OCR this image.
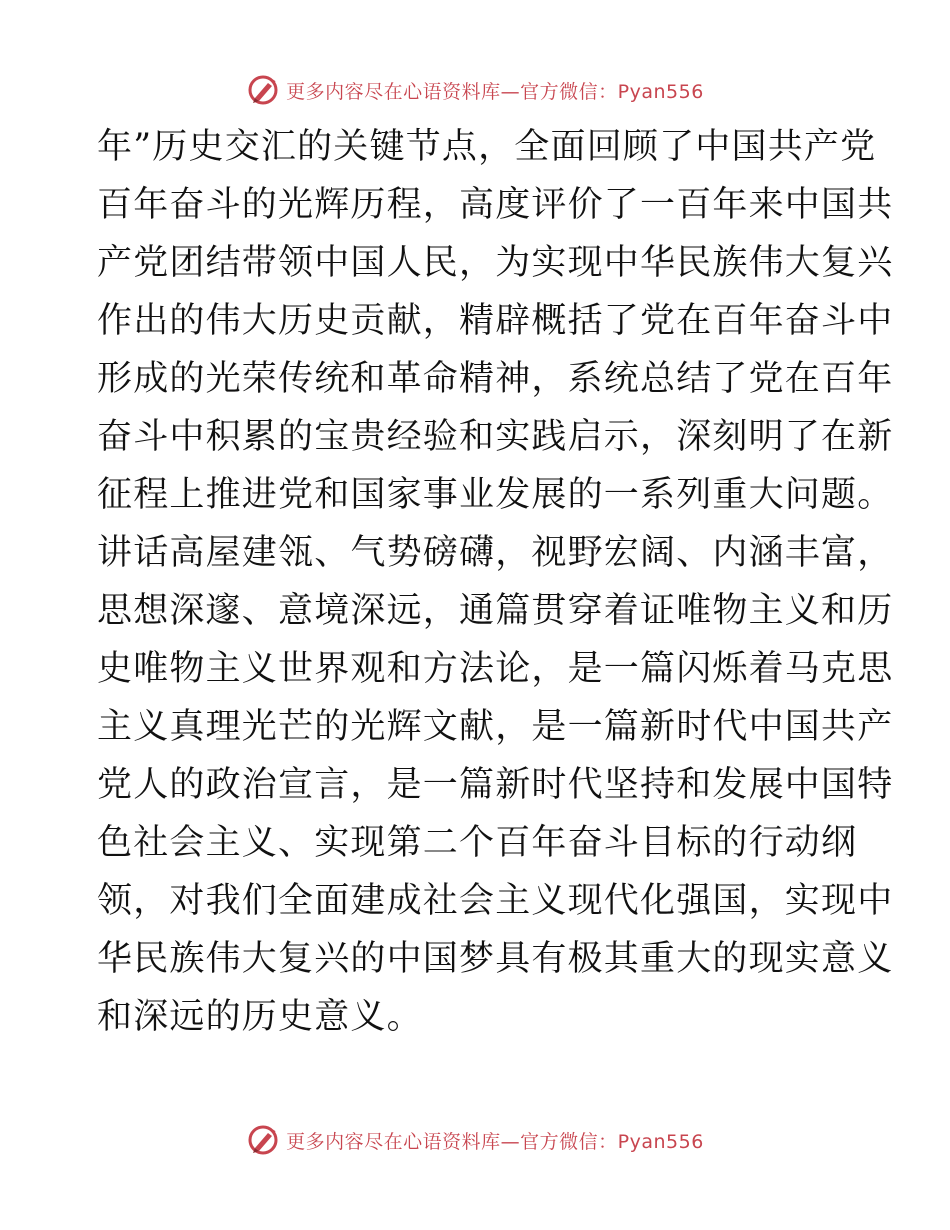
更多内容尽在心语资料库—官方微信：Pyan556
年”历史交汇的关键节点，全面回顾了中国共产党
百年奋斗的光辉历程，高度评价了一百年来中国共
产党团结带领中国人民，为实现中华民族伟大复兴
作出的伟大历史贡献，精辟概括了党在百年奋斗中
形成的光荣传统和革命精神，系统总结了党在百年
奋斗中积累的宝贵经验和实践启示，深刻明了在新
征程上推进党和国家事业发展的一系列重大问题。
讲话高屋建瓴、气势磅礴，视野宏阔、内涵丰富，
思想深邃、意境深远，通篇贯穿着证唯物主义和历
史唯物主义世界观和方法论，是一篇闪烁着马克思
主义真理光芒的光辉文献，是一篇新时代中国共产
党人的政治宣言，是一篇新时代坚持和发展中国特
色社会主义、实现第二个百年奋斗目标的行动纲
领，对我们全面建成社会主义现代化强国，实现中
华民族伟大复兴的中国梦具有极其重大的现实意义
和深远的历史意义。
更多内容尽在心语资料库—官方微信：Pyan556
